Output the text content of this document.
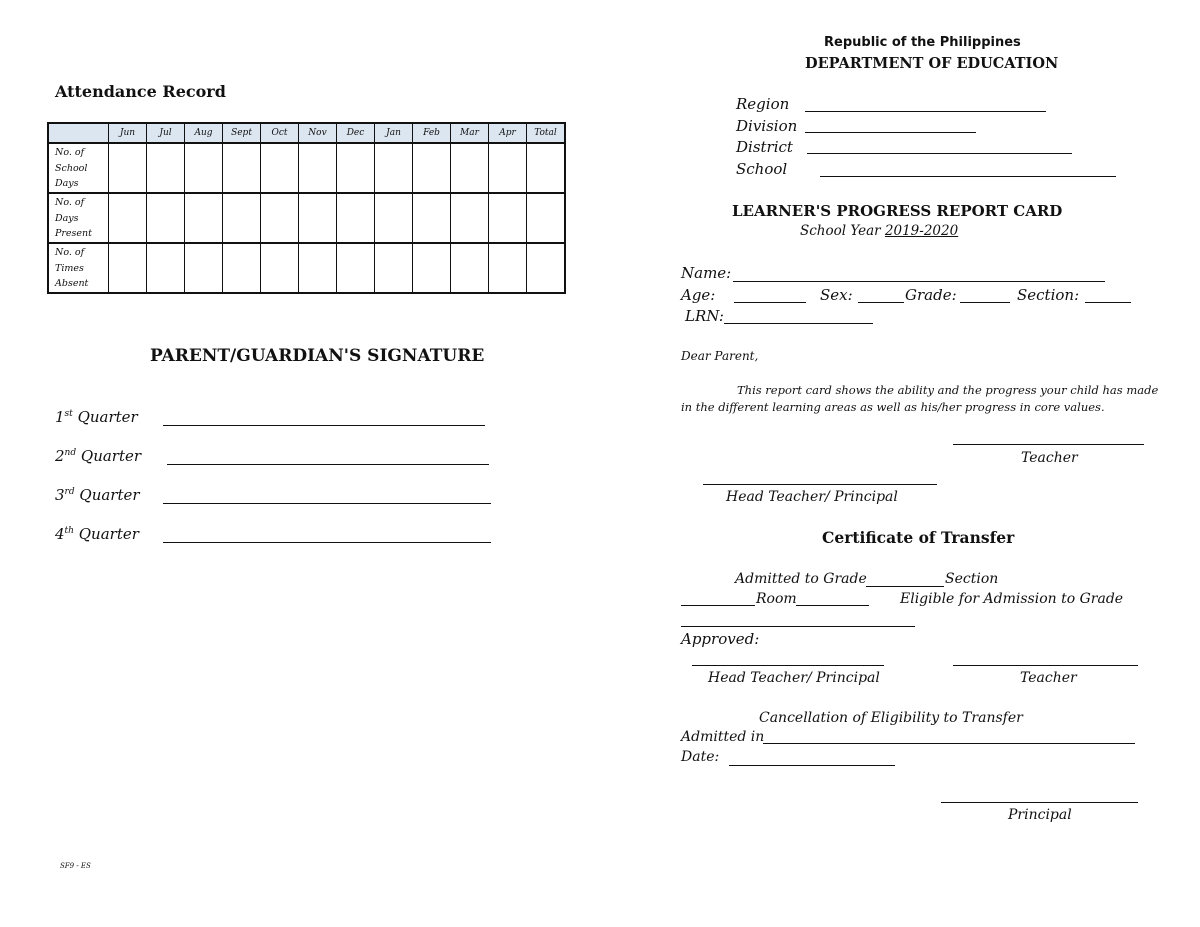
Attendance Record
	Jun	Jul	Aug	Sept	Oct	Nov	Dec	Jan	Feb	Mar	Apr	Total
No. of School Days												
No. of Days Present												
No. of Times Absent												
PARENT/GUARDIAN'S SIGNATURE
1st Quarter
2nd Quarter
3rd Quarter
4th Quarter
SF9 - ES
Republic of the Philippines
DEPARTMENT OF EDUCATION
Region
Division
District
School
LEARNER'S PROGRESS REPORT CARD
School Year 2019-2020
Name:
Age:	Sex:	Grade:	Section:
LRN:
Dear Parent,
This report card shows the ability and the progress your child has made
in the different learning areas as well as his/her progress in core values.
Teacher
Head Teacher/ Principal
Certificate of Transfer
Admitted to Grade	Section
Room	Eligible for Admission to Grade
Approved:
Head Teacher/ Principal	Teacher
Cancellation of Eligibility to Transfer
Admitted in
Date:
Principal
